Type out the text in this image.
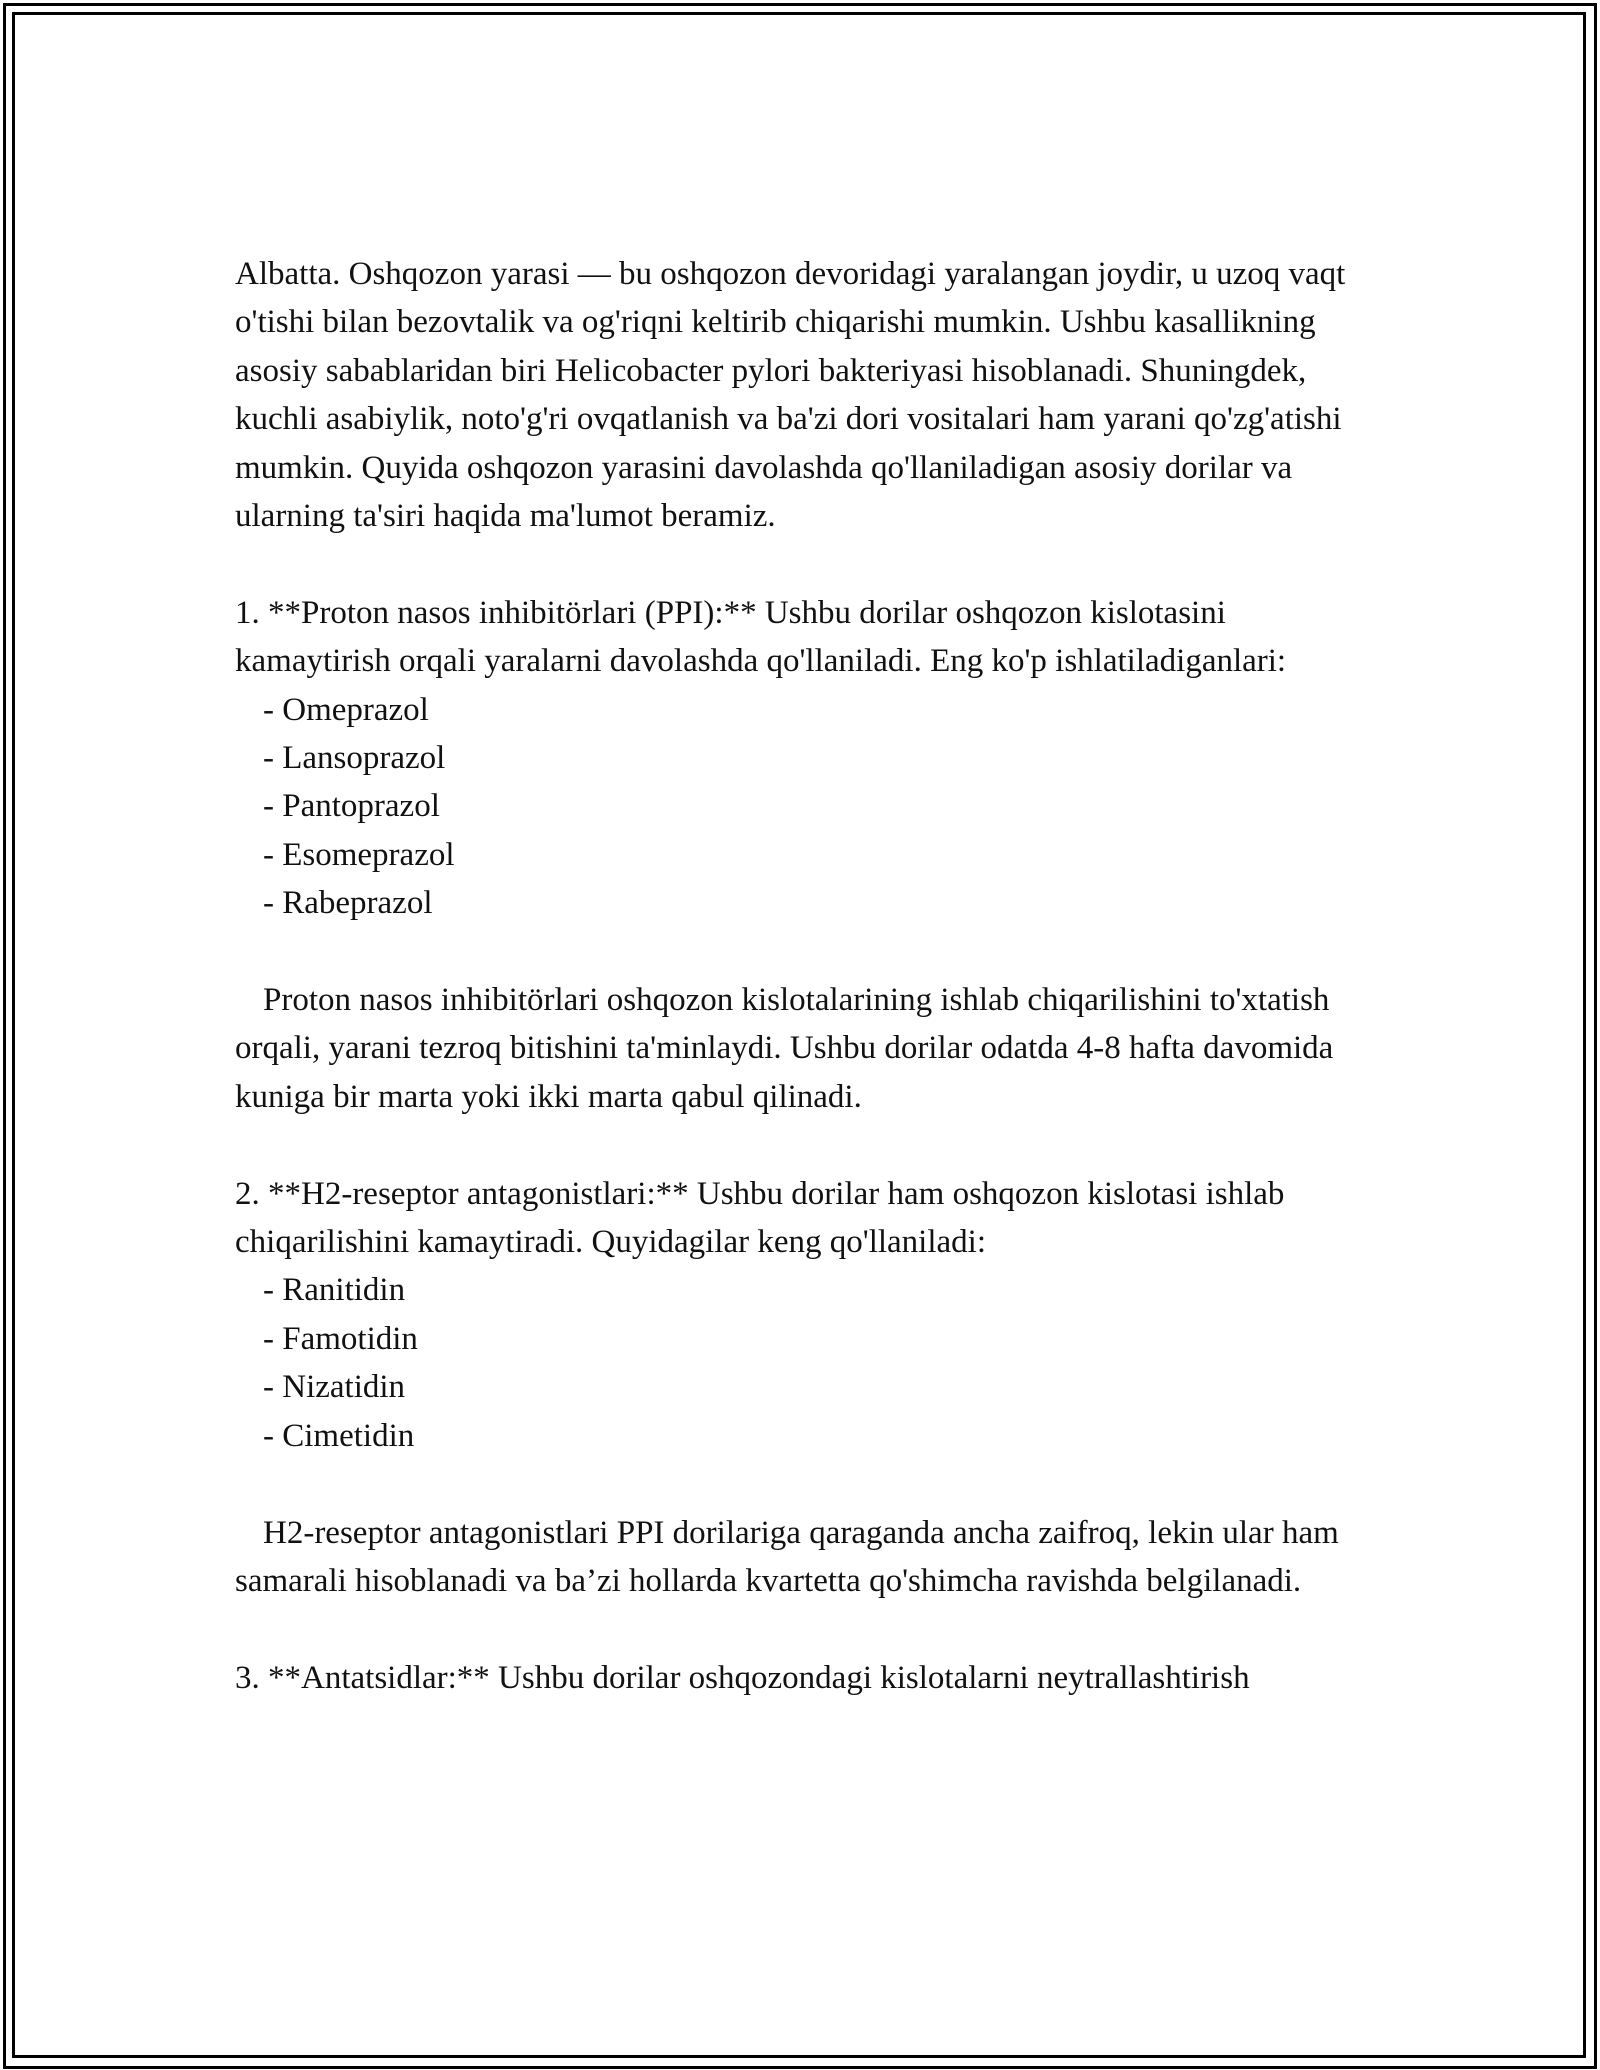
Albatta. Oshqozon yarasi — bu oshqozon devoridagi yaralangan joydir, u uzoq vaqt o'tishi bilan bezovtalik va og'riqni keltirib chiqarishi mumkin. Ushbu kasallikning asosiy sabablaridan biri Helicobacter pylori bakteriyasi hisoblanadi. Shuningdek, kuchli asabiylik, noto'g'ri ovqatlanish va ba'zi dori vositalari ham yarani qo'zg'atishi mumkin. Quyida oshqozon yarasini davolashda qo'llaniladigan asosiy dorilar va ularning ta'siri haqida ma'lumot beramiz.

1. **Proton nasos inhibitörlari (PPI):** Ushbu dorilar oshqozon kislotasini kamaytirish orqali yaralarni davolashda qo'llaniladi. Eng ko'p ishlatiladiganlari:

- Omeprazol

- Lansoprazol

- Pantoprazol

- Esomeprazol

- Rabeprazol

Proton nasos inhibitörlari oshqozon kislotalarining ishlab chiqarilishini to'xtatish orqali, yarani tezroq bitishini ta'minlaydi. Ushbu dorilar odatda 4-8 hafta davomida kuniga bir marta yoki ikki marta qabul qilinadi.

2. **H2-reseptor antagonistlari:** Ushbu dorilar ham oshqozon kislotasi ishlab chiqarilishini kamaytiradi. Quyidagilar keng qo'llaniladi:

- Ranitidin

- Famotidin

- Nizatidin

- Cimetidin

H2-reseptor antagonistlari PPI dorilariga qaraganda ancha zaifroq, lekin ular ham samarali hisoblanadi va ba’zi hollarda kvartetta qo'shimcha ravishda belgilanadi.

3. **Antatsidlar:** Ushbu dorilar oshqozondagi kislotalarni neytrallashtirish
